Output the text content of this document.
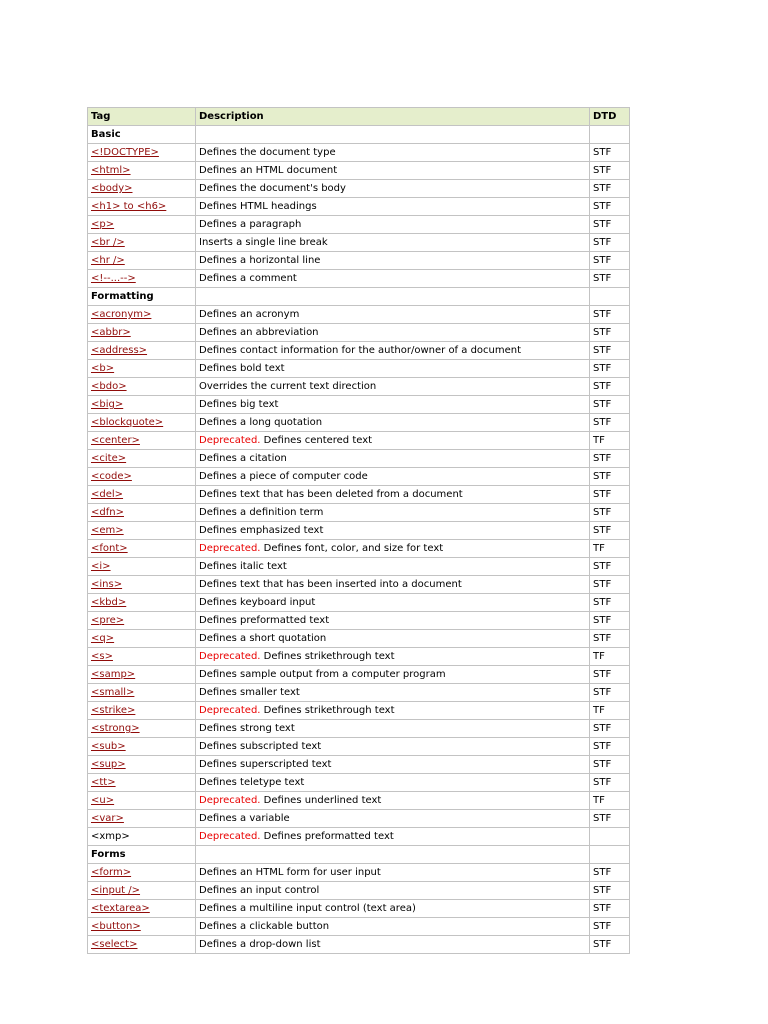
Tag	Description	DTD
Basic		
<!DOCTYPE>	Defines the document type	STF
<html>	Defines an HTML document	STF
<body>	Defines the document's body	STF
<h1> to <h6>	Defines HTML headings	STF
<p>	Defines a paragraph	STF
<br />	Inserts a single line break	STF
<hr />	Defines a horizontal line	STF
<!--...-->	Defines a comment	STF
Formatting		
<acronym>	Defines an acronym	STF
<abbr>	Defines an abbreviation	STF
<address>	Defines contact information for the author/owner of a document	STF
<b>	Defines bold text	STF
<bdo>	Overrides the current text direction	STF
<big>	Defines big text	STF
<blockquote>	Defines a long quotation	STF
<center>	Deprecated. Defines centered text	TF
<cite>	Defines a citation	STF
<code>	Defines a piece of computer code	STF
<del>	Defines text that has been deleted from a document	STF
<dfn>	Defines a definition term	STF
<em>	Defines emphasized text	STF
<font>	Deprecated. Defines font, color, and size for text	TF
<i>	Defines italic text	STF
<ins>	Defines text that has been inserted into a document	STF
<kbd>	Defines keyboard input	STF
<pre>	Defines preformatted text	STF
<q>	Defines a short quotation	STF
<s>	Deprecated. Defines strikethrough text	TF
<samp>	Defines sample output from a computer program	STF
<small>	Defines smaller text	STF
<strike>	Deprecated. Defines strikethrough text	TF
<strong>	Defines strong text	STF
<sub>	Defines subscripted text	STF
<sup>	Defines superscripted text	STF
<tt>	Defines teletype text	STF
<u>	Deprecated. Defines underlined text	TF
<var>	Defines a variable	STF
<xmp>	Deprecated. Defines preformatted text	
Forms		
<form>	Defines an HTML form for user input	STF
<input />	Defines an input control	STF
<textarea>	Defines a multiline input control (text area)	STF
<button>	Defines a clickable button	STF
<select>	Defines a drop-down list	STF
